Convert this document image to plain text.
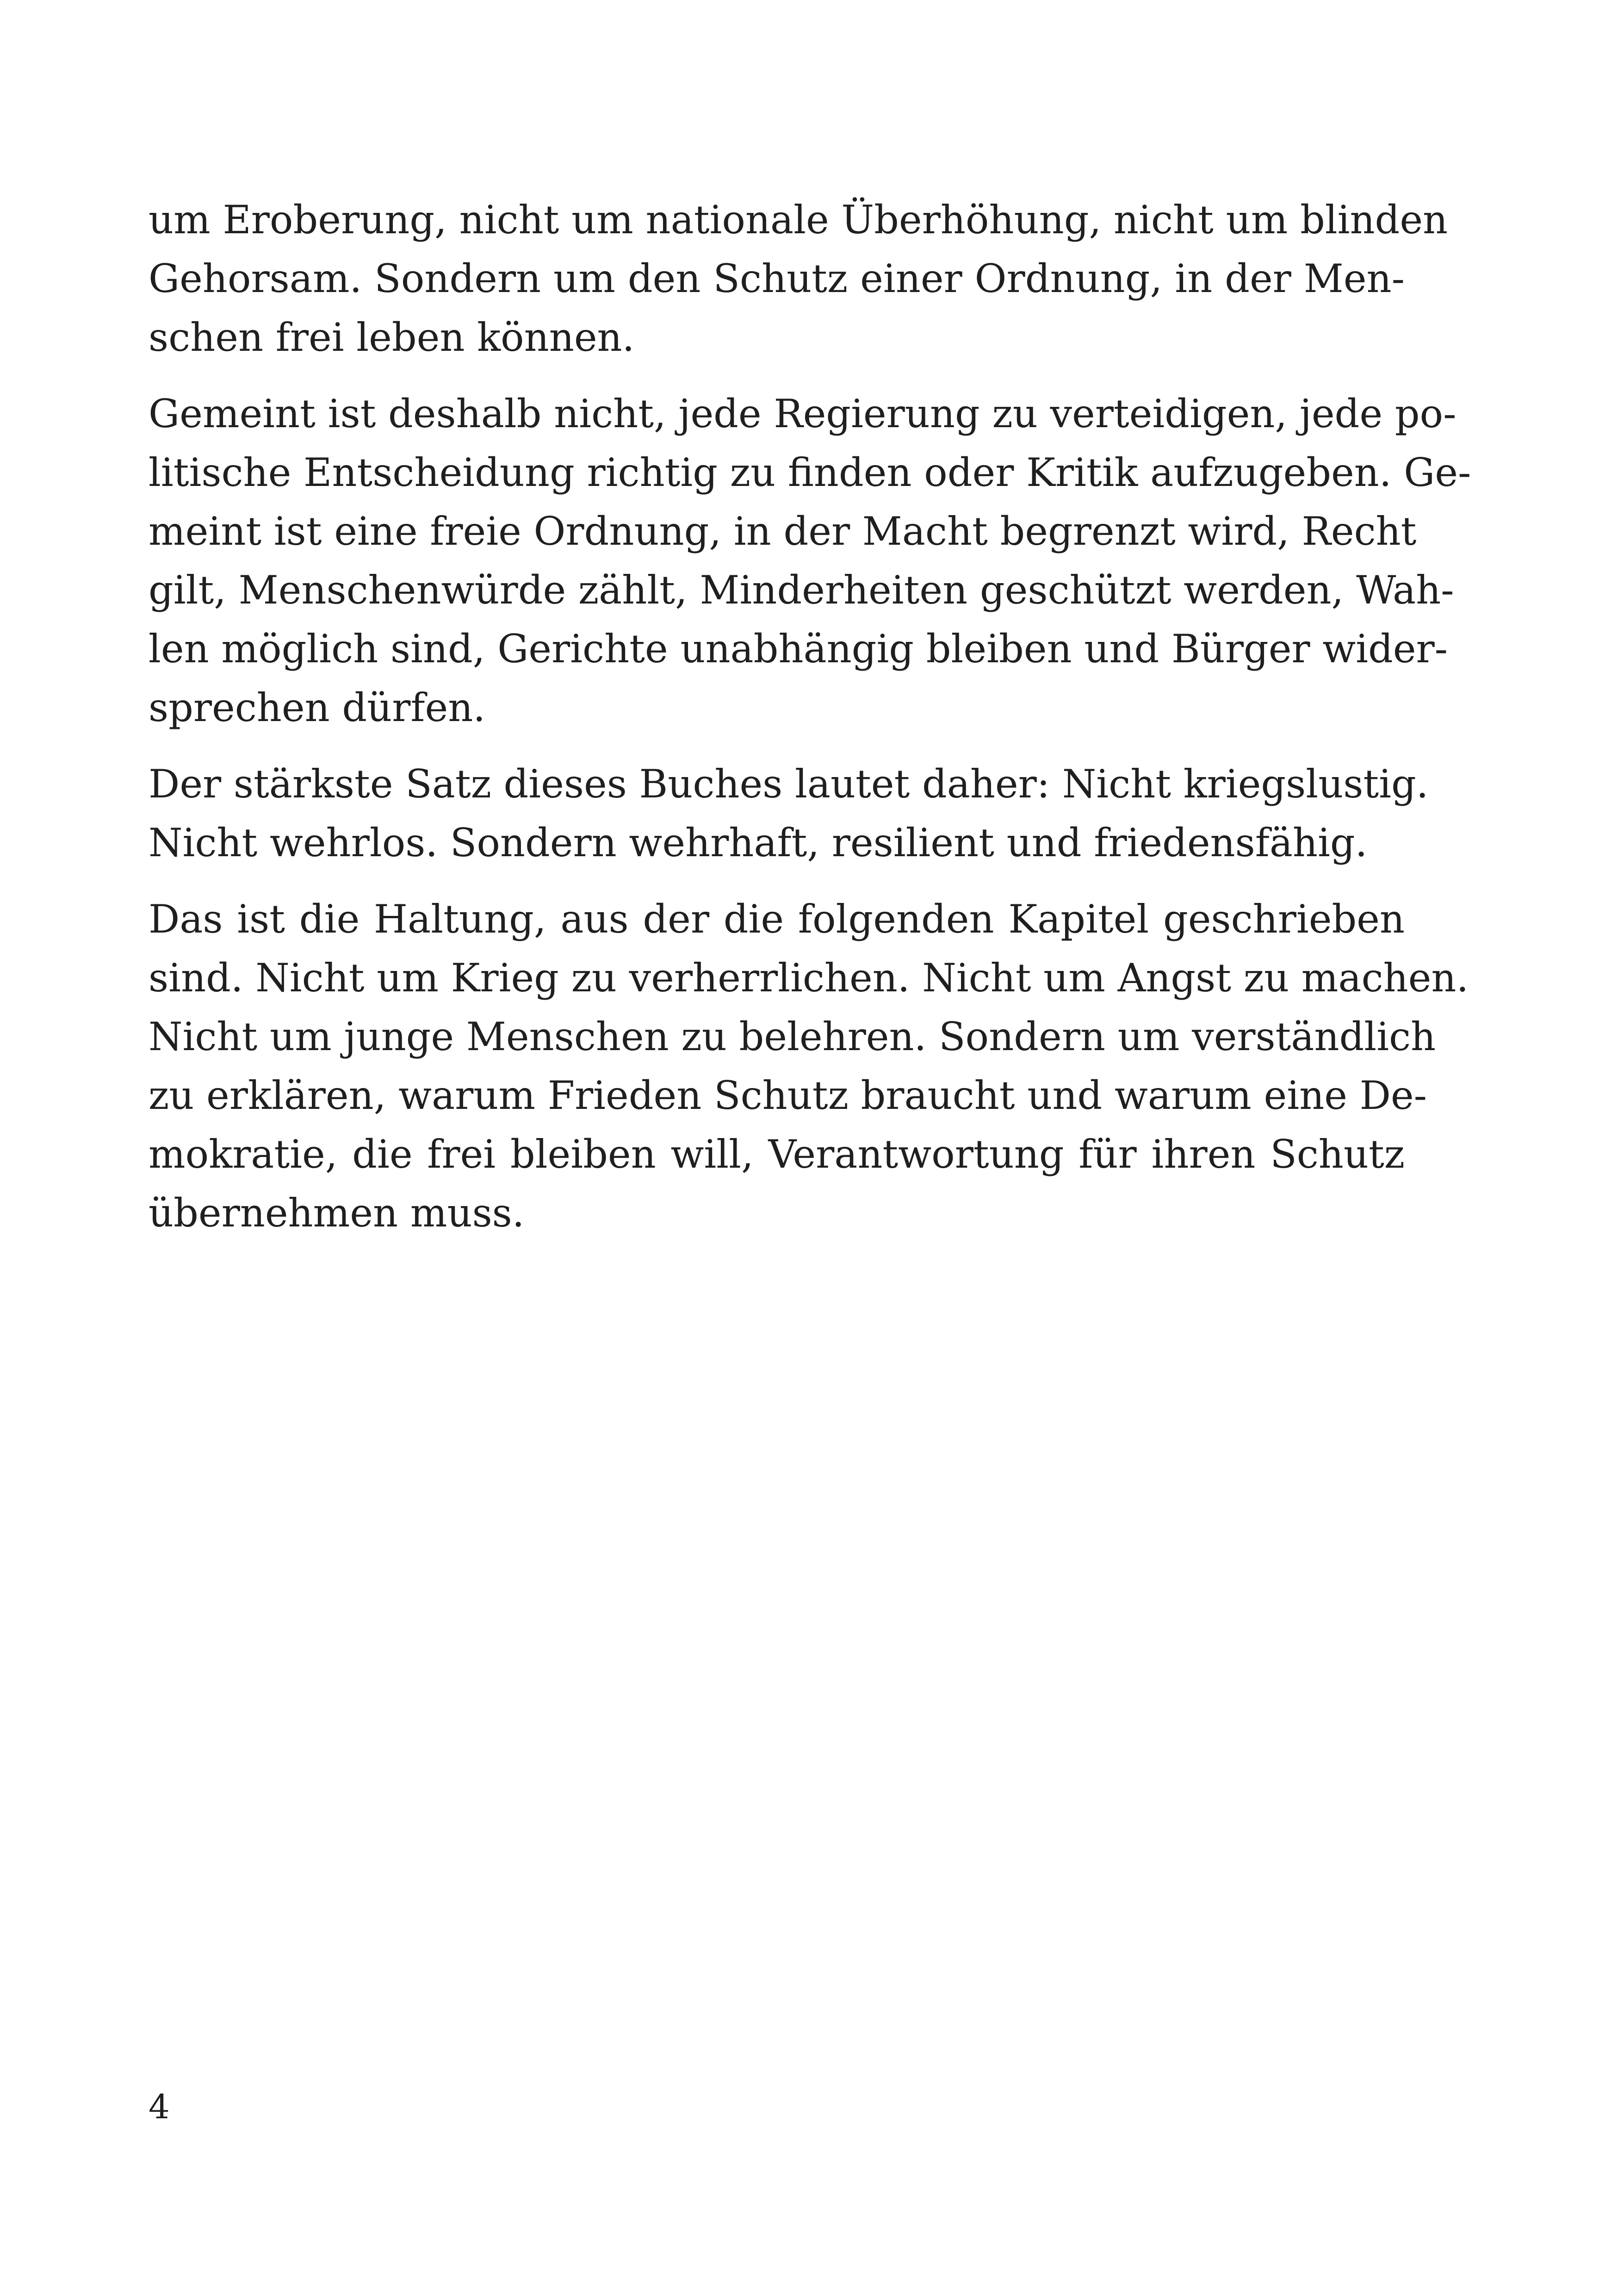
um Eroberung, nicht um nationale Überhöhung, nicht um blinden
Gehorsam. Sondern um den Schutz einer Ordnung, in der Men-
schen frei leben können.
Gemeint ist deshalb nicht, jede Regierung zu verteidigen, jede po-
litische Entscheidung richtig zu finden oder Kritik aufzugeben. Ge-
meint ist eine freie Ordnung, in der Macht begrenzt wird, Recht
gilt, Menschenwürde zählt, Minderheiten geschützt werden, Wah-
len möglich sind, Gerichte unabhängig bleiben und Bürger wider-
sprechen dürfen.
Der stärkste Satz dieses Buches lautet daher: Nicht kriegslustig.
Nicht wehrlos. Sondern wehrhaft, resilient und friedensfähig.
Das ist die Haltung, aus der die folgenden Kapitel geschrieben
sind. Nicht um Krieg zu verherrlichen. Nicht um Angst zu machen.
Nicht um junge Menschen zu belehren. Sondern um verständlich
zu erklären, warum Frieden Schutz braucht und warum eine De-
mokratie, die frei bleiben will, Verantwortung für ihren Schutz
übernehmen muss.
4
